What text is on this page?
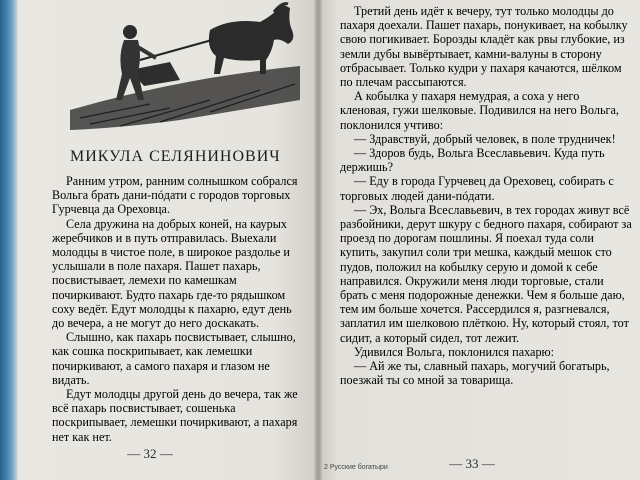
МИКУЛА СЕЛЯНИНОВИЧ

Ранним утром, ранним солнышком собрался Вольга брать дани-пóдати с городов торговых Гурчевца да Ореховца.

Села дружина на добрых коней, на каурых жеребчиков и в путь отправилась. Выехали молодцы в чистое поле, в широкое раздолье и услышали в поле пахаря. Пашет пахарь, посвистывает, лемехи по камешкам почиркивают. Будто пахарь где-то рядышком соху ведёт. Едут молодцы к пахарю, едут день до вечера, а не могут до него доскакать.

Слышно, как пахарь посвистывает, слышно, как сошка поскрипывает, как лемешки почиркивают, а самого пахаря и глазом не видать.

Едут молодцы другой день до вечера, так же всё пахарь посвистывает, сошенька поскрипывает, лемешки почиркивают, а пахаря нет как нет.

— 32 —

Третий день идёт к вечеру, тут только молодцы до пахаря доехали. Пашет пахарь, понукивает, на кобылку свою погикивает. Борозды кладёт как рвы глубокие, из земли дубы вывёртывает, камни-валуны в сторону отбрасывает. Только кудри у пахаря качаются, шёлком по плечам рассыпаются.

А кобылка у пахаря немудрая, а соха у него кленовая, гужи шелковые. Подивился на него Вольга, поклонился учтиво:

— Здравствуй, добрый человек, в поле трудничек!

— Здоров будь, Вольга Всеславьевич. Куда путь держишь?

— Еду в города Гурчевец да Ореховец, собирать с торговых людей дани-пóдати.

— Эх, Вольга Всеславьевич, в тех городах живут всё разбойники, дерут шкуру с бедного пахаря, собирают за проезд по дорогам пошлины. Я поехал туда соли купить, закупил соли три мешка, каждый мешок сто пудов, положил на кобылку серую и домой к себе направился. Окружили меня люди торговые, стали брать с меня подорожные денежки. Чем я больше даю, тем им больше хочется. Рассердился я, разгневался, заплатил им шелковою плёткою. Ну, который стоял, тот сидит, а который сидел, тот лежит.

Удивился Вольга, поклонился пахарю:

— Ай же ты, славный пахарь, могучий богатырь, поезжай ты со мной за товарища.

2 Русские богатыри	— 33 —
